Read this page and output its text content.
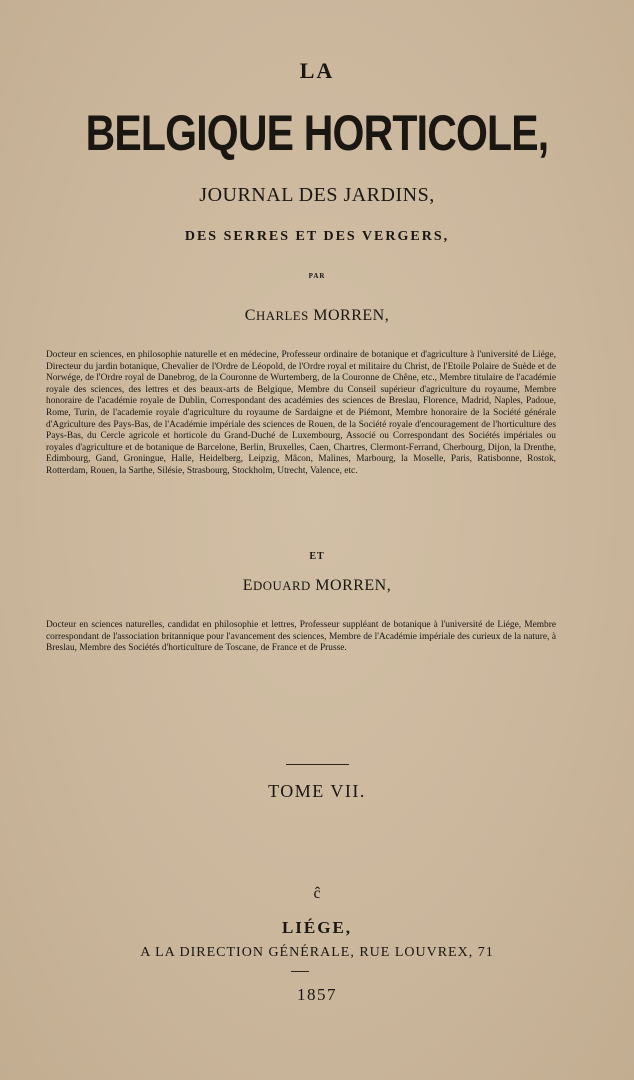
LA
BELGIQUE HORTICOLE,
JOURNAL DES JARDINS,
DES SERRES ET DES VERGERS,
PAR
CHARLES MORREN,
Docteur en sciences, en philosophie naturelle et en médecine, Professeur ordinaire de botanique et d'agriculture à l'université de Liége, Directeur du jardin botanique, Chevalier de l'Ordre de Léopold, de l'Ordre royal et militaire du Christ, de l'Etoile Polaire de Suède et de Norwége, de l'Ordre royal de Danebrog, de la Couronne de Wurtemberg, de la Couronne de Chêne, etc., Membre titulaire de l'académie royale des sciences, des lettres et des beaux-arts de Belgique, Membre du Conseil supérieur d'agriculture du royaume, Membre honoraire de l'académie royale de Dublin, Correspondant des académies des sciences de Breslau, Florence, Madrid, Naples, Padoue, Rome, Turin, de l'academie royale d'agriculture du royaume de Sardaigne et de Piémont, Membre honoraire de la Société générale d'Agriculture des Pays-Bas, de l'Académie impériale des sciences de Rouen, de la Société royale d'encouragement de l'horticulture des Pays-Bas, du Cercle agricole et horticole du Grand-Duché de Luxembourg, Associé ou Correspondant des Sociétés impériales ou royales d'agriculture et de botanique de Barcelone, Berlin, Bruxelles, Caen, Chartres, Clermont-Ferrand, Cherbourg, Dijon, la Drenthe, Edimbourg, Gand, Groningue, Halle, Heidelberg, Leipzig, Mâcon, Malines, Marbourg, la Moselle, Paris, Ratisbonne, Rostok, Rotterdam, Rouen, la Sarthe, Silésie, Strasbourg, Stockholm, Utrecht, Valence, etc.
ET
EDOUARD MORREN,
Docteur en sciences naturelles, candidat en philosophie et lettres, Professeur suppléant de botanique à l'université de Liége, Membre correspondant de l'association britannique pour l'avancement des sciences, Membre de l'Académie impériale des curieux de la nature, à Breslau, Membre des Sociétés d'horticulture de Toscane, de France et de Prusse.
TOME VII.
ĉ
LIÉGE,
A LA DIRECTION GÉNÉRALE, RUE LOUVREX, 71
1857
